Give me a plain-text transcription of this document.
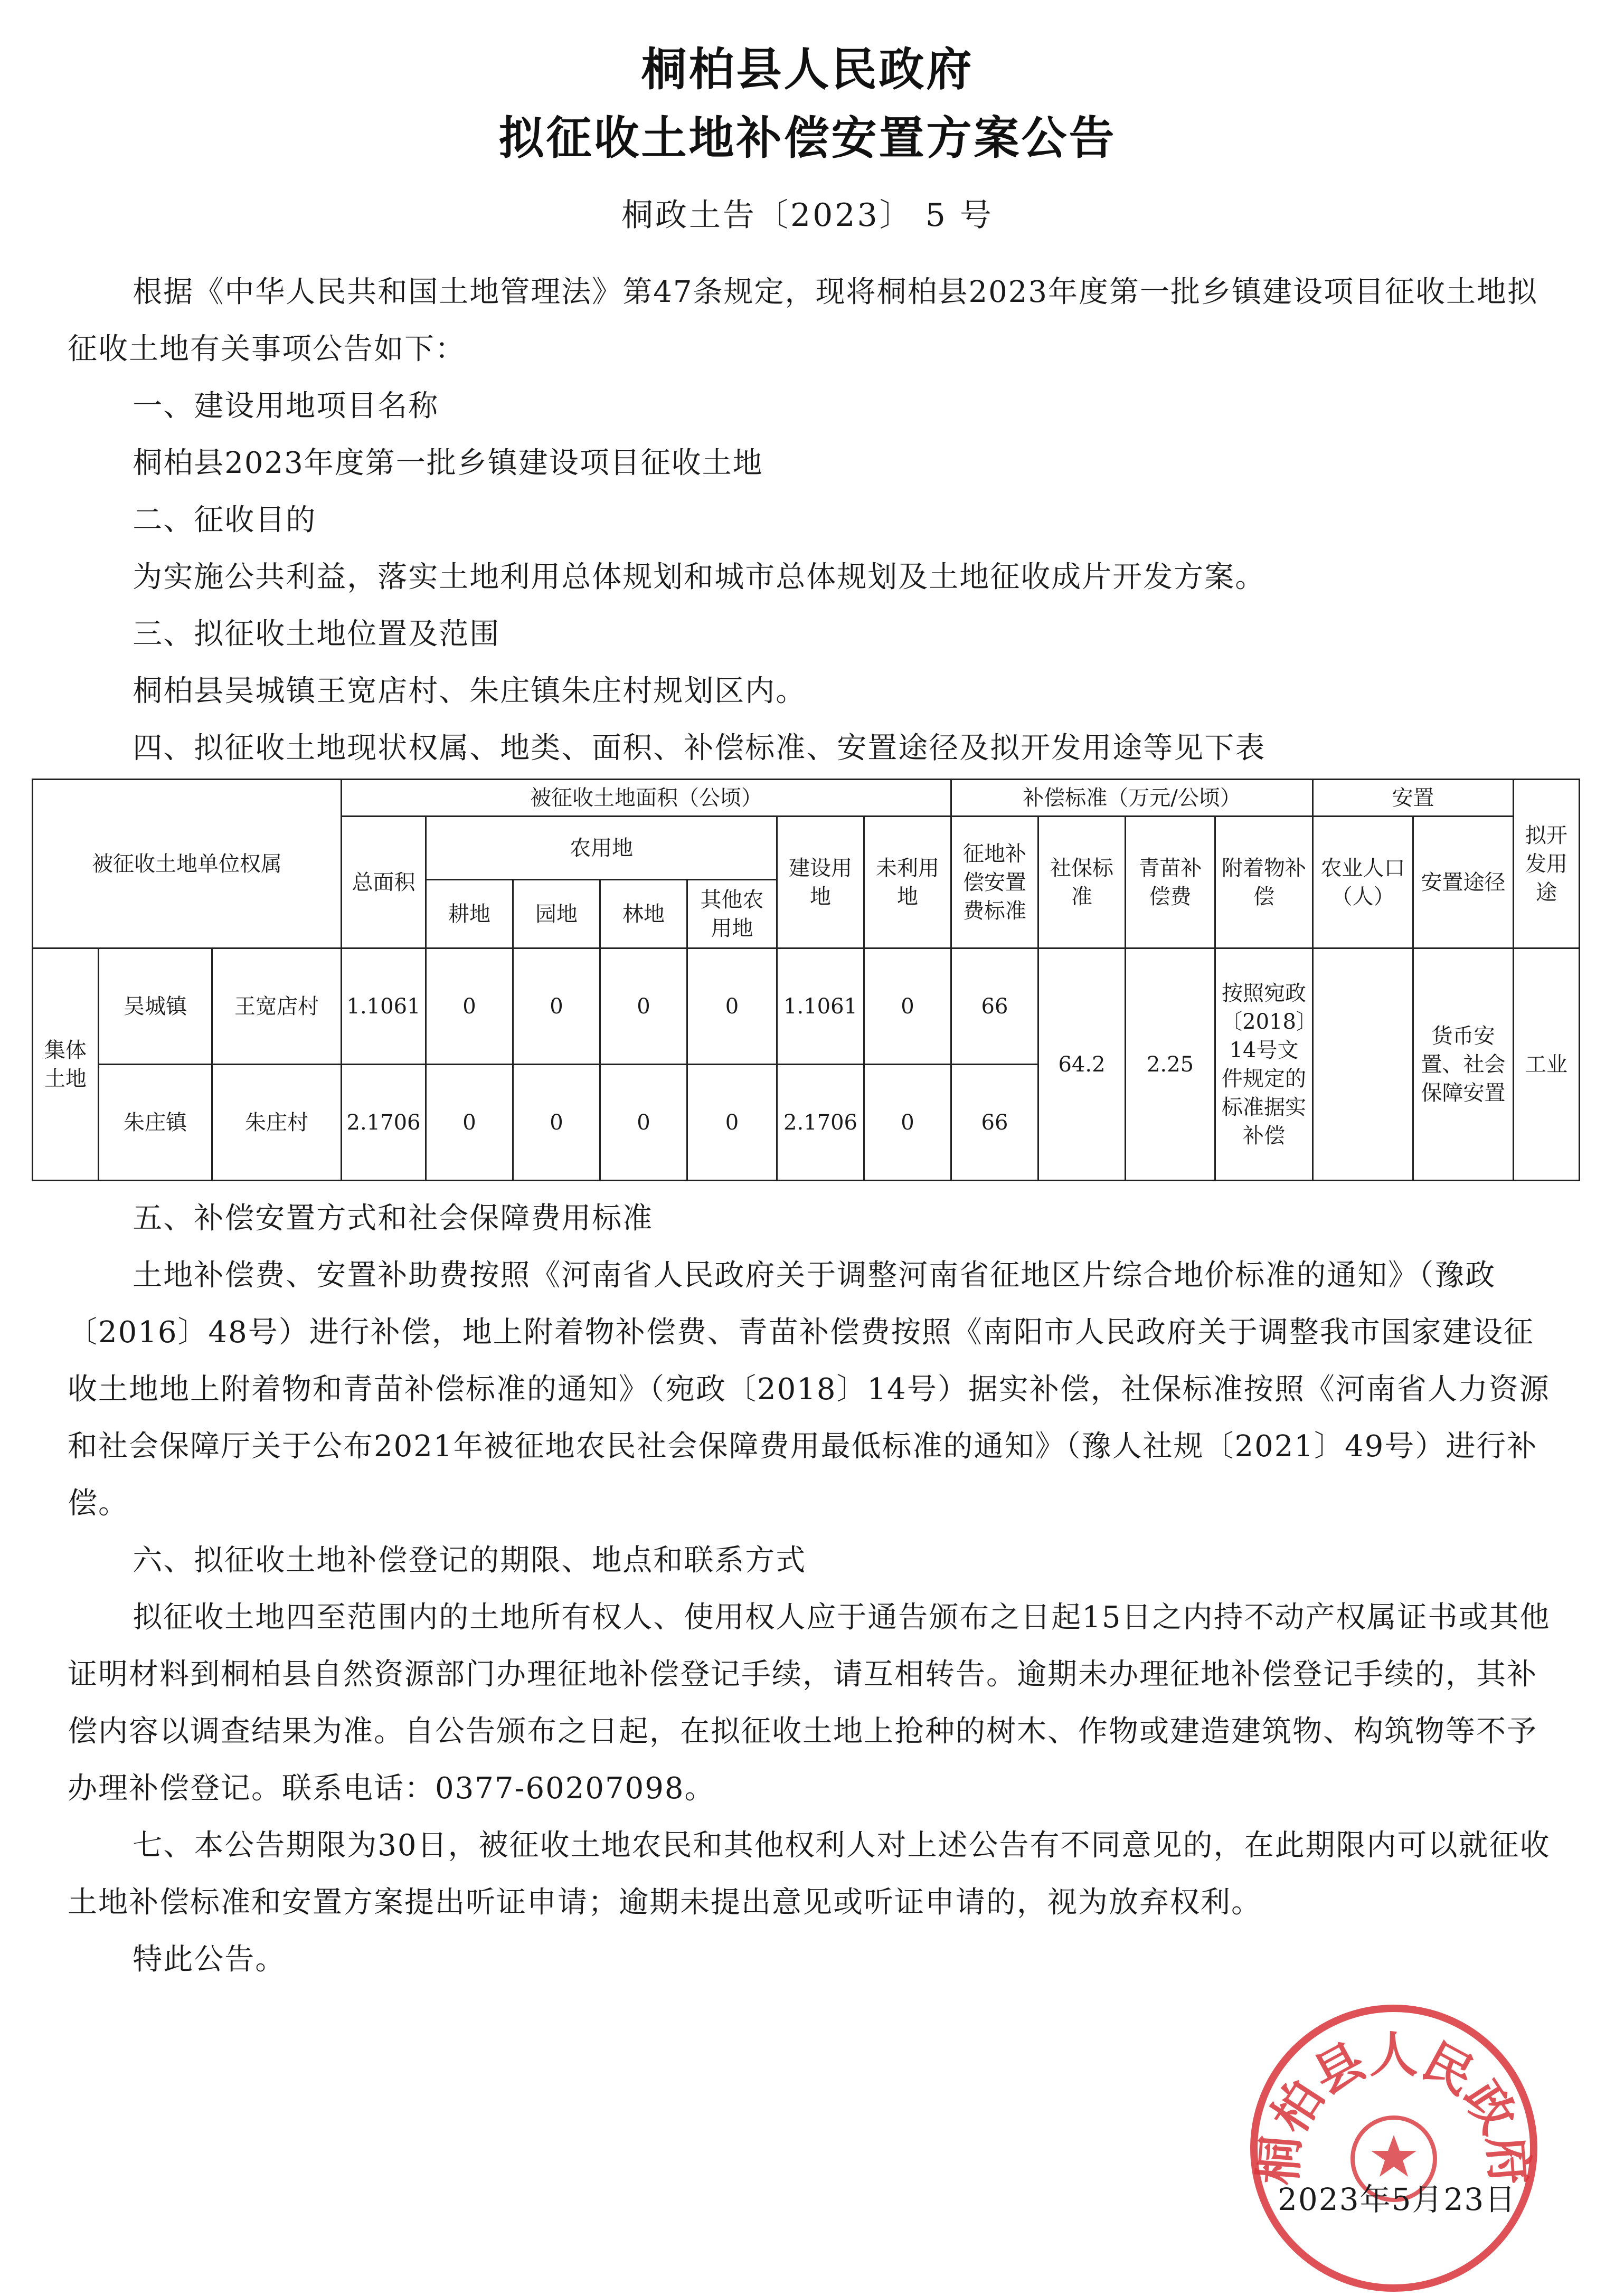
桐柏县人民政府
拟征收土地补偿安置方案公告
桐政土告〔2023〕 5 号

根据《中华人民共和国土地管理法》第47条规定，现将桐柏县2023年度第一批乡镇建设项目征收土地拟征收土地有关事项公告如下：

一、建设用地项目名称

桐柏县2023年度第一批乡镇建设项目征收土地

二、征收目的

为实施公共利益，落实土地利用总体规划和城市总体规划及土地征收成片开发方案。

三、拟征收土地位置及范围

桐柏县吴城镇王宽店村、朱庄镇朱庄村规划区内。

四、拟征收土地现状权属、地类、面积、补偿标准、安置途径及拟开发用途等见下表

被征收土地单位权属			被征收土地面积（公顷）							补偿标准（万元/公顷）				安置		拟开发用途
			总面积	农用地				建设用地	未利用地	征地补偿安置费标准	社保标准	青苗补偿费	附着物补偿	农业人口（人）	安置途径	
				耕地	园地	林地	其他农用地									
集体土地	吴城镇	王宽店村	1.1061	0	0	0	0	1.1061	0	66	64.2	2.25	按照宛政〔2018〕14号文件规定的标准据实补偿		货币安置、社会保障安置	工业
	朱庄镇	朱庄村	2.1706	0	0	0	0	2.1706	0	66						

五、补偿安置方式和社会保障费用标准

土地补偿费、安置补助费按照《河南省人民政府关于调整河南省征地区片综合地价标准的通知》（豫政〔2016〕48号）进行补偿，地上附着物补偿费、青苗补偿费按照《南阳市人民政府关于调整我市国家建设征收土地地上附着物和青苗补偿标准的通知》（宛政〔2018〕14号）据实补偿，社保标准按照《河南省人力资源和社会保障厅关于公布2021年被征地农民社会保障费用最低标准的通知》（豫人社规〔2021〕49号）进行补偿。

六、拟征收土地补偿登记的期限、地点和联系方式

拟征收土地四至范围内的土地所有权人、使用权人应于通告颁布之日起15日之内持不动产权属证书或其他证明材料到桐柏县自然资源部门办理征地补偿登记手续，请互相转告。逾期未办理征地补偿登记手续的，其补偿内容以调查结果为准。自公告颁布之日起，在拟征收土地上抢种的树木、作物或建造建筑物、构筑物等不予办理补偿登记。联系电话：0377-60207098。

七、本公告期限为30日，被征收土地农民和其他权利人对上述公告有不同意见的，在此期限内可以就征收土地补偿标准和安置方案提出听证申请；逾期未提出意见或听证申请的，视为放弃权利。

特此公告。

桐柏县人民政府
2023年5月23日
